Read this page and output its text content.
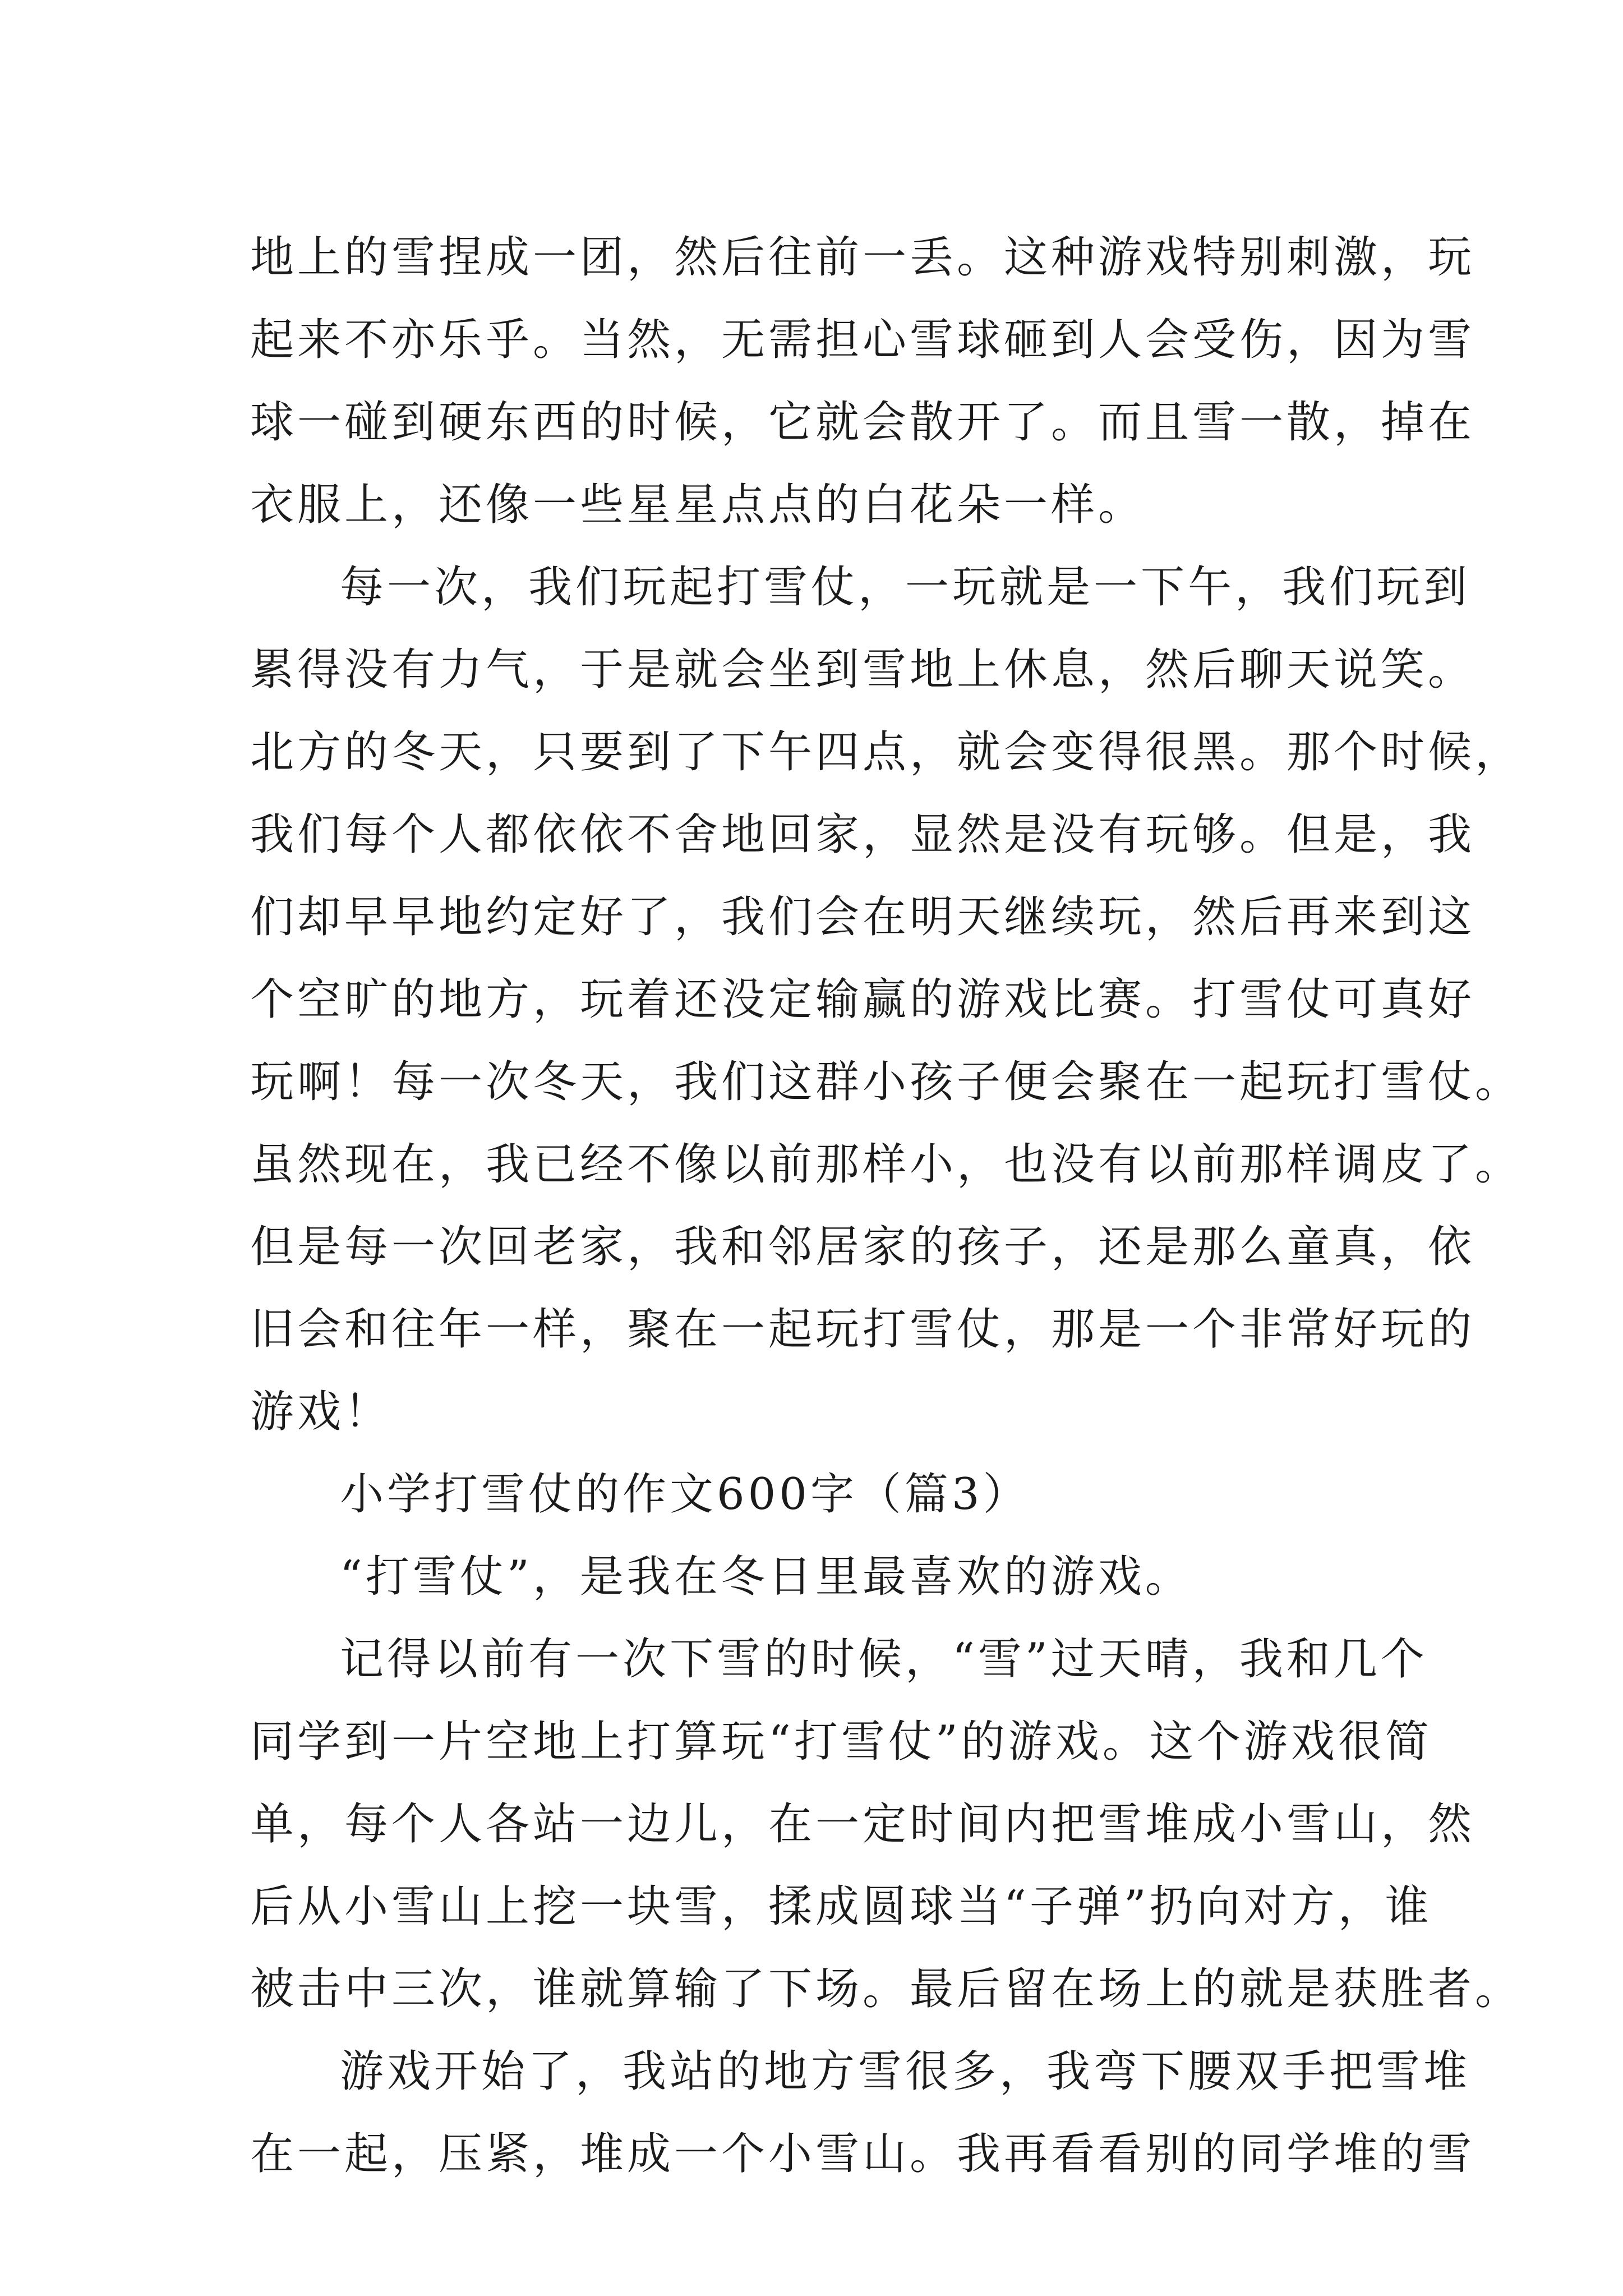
地上的雪捏成一团，然后往前一丢。这种游戏特别刺激，玩
起来不亦乐乎。当然，无需担心雪球砸到人会受伤，因为雪
球一碰到硬东西的时候，它就会散开了。而且雪一散，掉在
衣服上，还像一些星星点点的白花朵一样。
每一次，我们玩起打雪仗，一玩就是一下午，我们玩到
累得没有力气，于是就会坐到雪地上休息，然后聊天说笑。
北方的冬天，只要到了下午四点，就会变得很黑。那个时候，
我们每个人都依依不舍地回家，显然是没有玩够。但是，我
们却早早地约定好了，我们会在明天继续玩，然后再来到这
个空旷的地方，玩着还没定输赢的游戏比赛。打雪仗可真好
玩啊！每一次冬天，我们这群小孩子便会聚在一起玩打雪仗。
虽然现在，我已经不像以前那样小，也没有以前那样调皮了。
但是每一次回老家，我和邻居家的孩子，还是那么童真，依
旧会和往年一样，聚在一起玩打雪仗，那是一个非常好玩的
游戏！
小学打雪仗的作文600字（篇3）
“打雪仗”，是我在冬日里最喜欢的游戏。
记得以前有一次下雪的时候，“雪”过天晴，我和几个
同学到一片空地上打算玩“打雪仗”的游戏。这个游戏很简
单，每个人各站一边儿，在一定时间内把雪堆成小雪山，然
后从小雪山上挖一块雪，揉成圆球当“子弹”扔向对方，谁
被击中三次，谁就算输了下场。最后留在场上的就是获胜者。
游戏开始了，我站的地方雪很多，我弯下腰双手把雪堆
在一起，压紧，堆成一个小雪山。我再看看别的同学堆的雪
